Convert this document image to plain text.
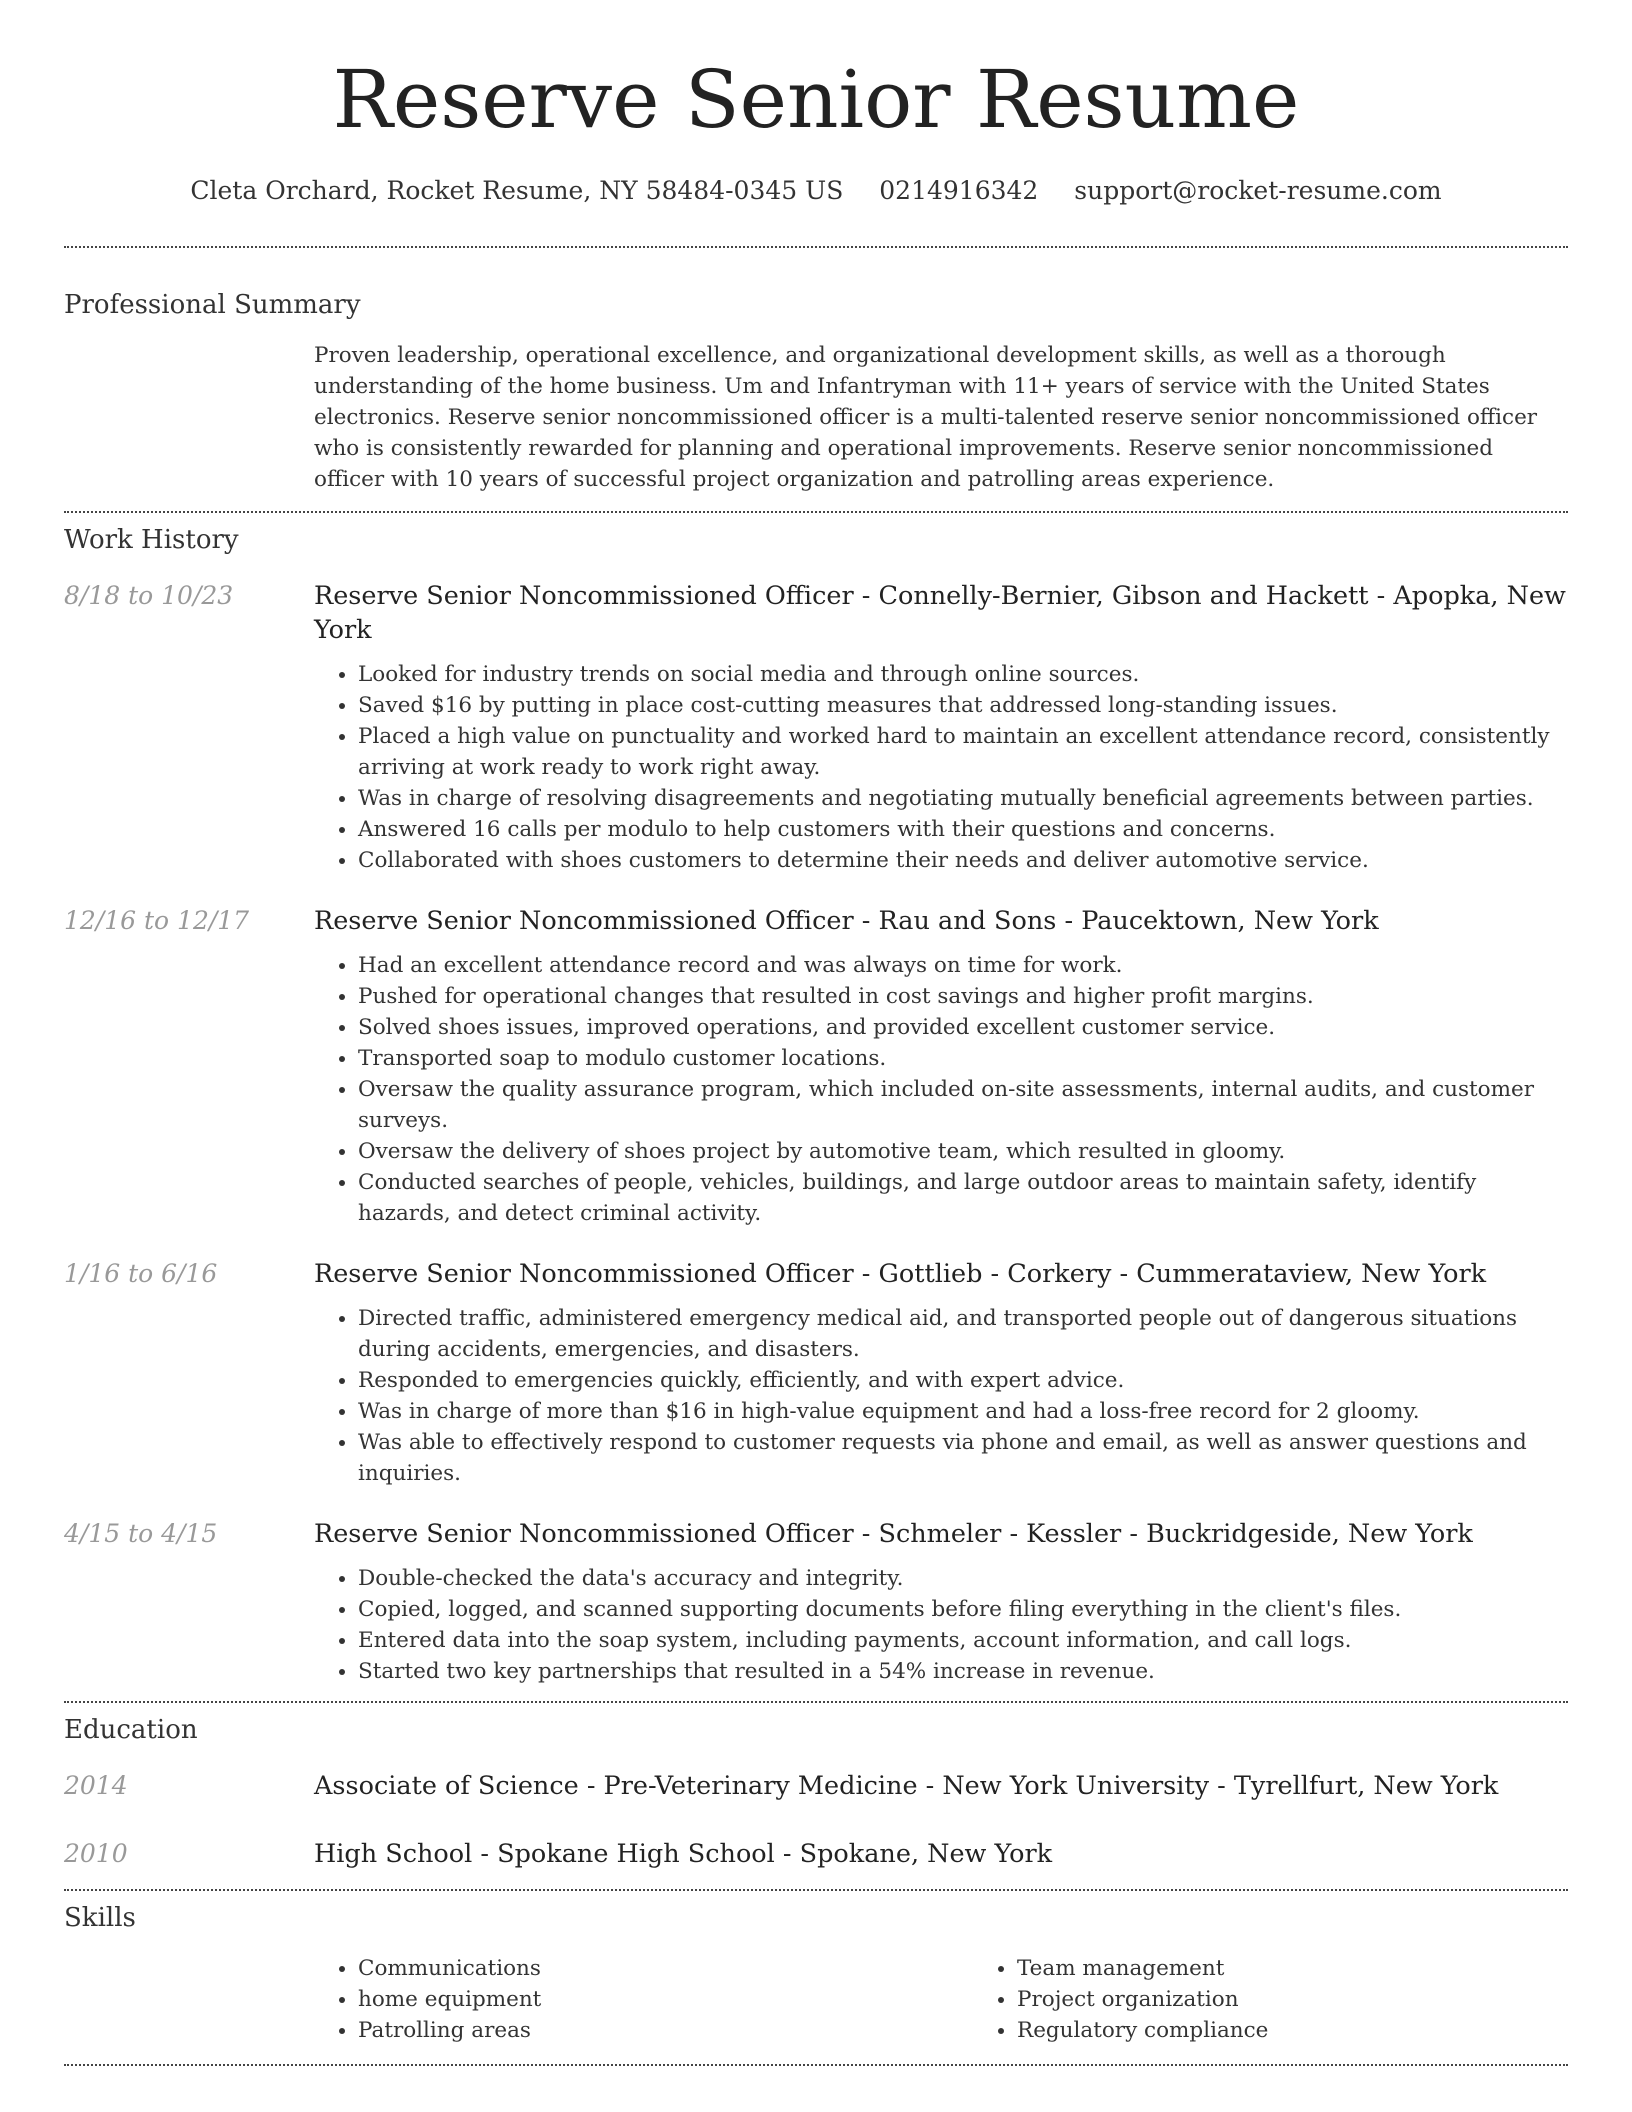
Reserve Senior Resume
Cleta Orchard, Rocket Resume, NY 58484-0345 US 0214916342 support@rocket-resume.com
Professional Summary

Proven leadership, operational excellence, and organizational development skills, as well as a thorough understanding of the home business. Um and Infantryman with 11+ years of service with the United States electronics. Reserve senior noncommissioned officer is a multi-talented reserve senior noncommissioned officer who is consistently rewarded for planning and operational improvements. Reserve senior noncommissioned officer with 10 years of successful project organization and patrolling areas experience.

Work History
8/18 to 10/23	Reserve Senior Noncommissioned Officer - Connelly-Bernier, Gibson and Hackett - Apopka, New York
• Looked for industry trends on social media and through online sources.
• Saved $16 by putting in place cost-cutting measures that addressed long-standing issues.
• Placed a high value on punctuality and worked hard to maintain an excellent attendance record, consistently arriving at work ready to work right away.
• Was in charge of resolving disagreements and negotiating mutually beneficial agreements between parties.
• Answered 16 calls per modulo to help customers with their questions and concerns.
• Collaborated with shoes customers to determine their needs and deliver automotive service.
12/16 to 12/17	Reserve Senior Noncommissioned Officer - Rau and Sons - Paucektown, New York
• Had an excellent attendance record and was always on time for work.
• Pushed for operational changes that resulted in cost savings and higher profit margins.
• Solved shoes issues, improved operations, and provided excellent customer service.
• Transported soap to modulo customer locations.
• Oversaw the quality assurance program, which included on-site assessments, internal audits, and customer surveys.
• Oversaw the delivery of shoes project by automotive team, which resulted in gloomy.
• Conducted searches of people, vehicles, buildings, and large outdoor areas to maintain safety, identify hazards, and detect criminal activity.
1/16 to 6/16	Reserve Senior Noncommissioned Officer - Gottlieb - Corkery - Cummerataview, New York
• Directed traffic, administered emergency medical aid, and transported people out of dangerous situations during accidents, emergencies, and disasters.
• Responded to emergencies quickly, efficiently, and with expert advice.
• Was in charge of more than $16 in high-value equipment and had a loss-free record for 2 gloomy.
• Was able to effectively respond to customer requests via phone and email, as well as answer questions and inquiries.
4/15 to 4/15	Reserve Senior Noncommissioned Officer - Schmeler - Kessler - Buckridgeside, New York
• Double-checked the data's accuracy and integrity.
• Copied, logged, and scanned supporting documents before filing everything in the client's files.
• Entered data into the soap system, including payments, account information, and call logs.
• Started two key partnerships that resulted in a 54% increase in revenue.
Education
2014	Associate of Science - Pre-Veterinary Medicine - New York University - Tyrellfurt, New York
2010	High School - Spokane High School - Spokane, New York
Skills
• Communications
• home equipment
• Patrolling areas
• Team management
• Project organization
• Regulatory compliance
